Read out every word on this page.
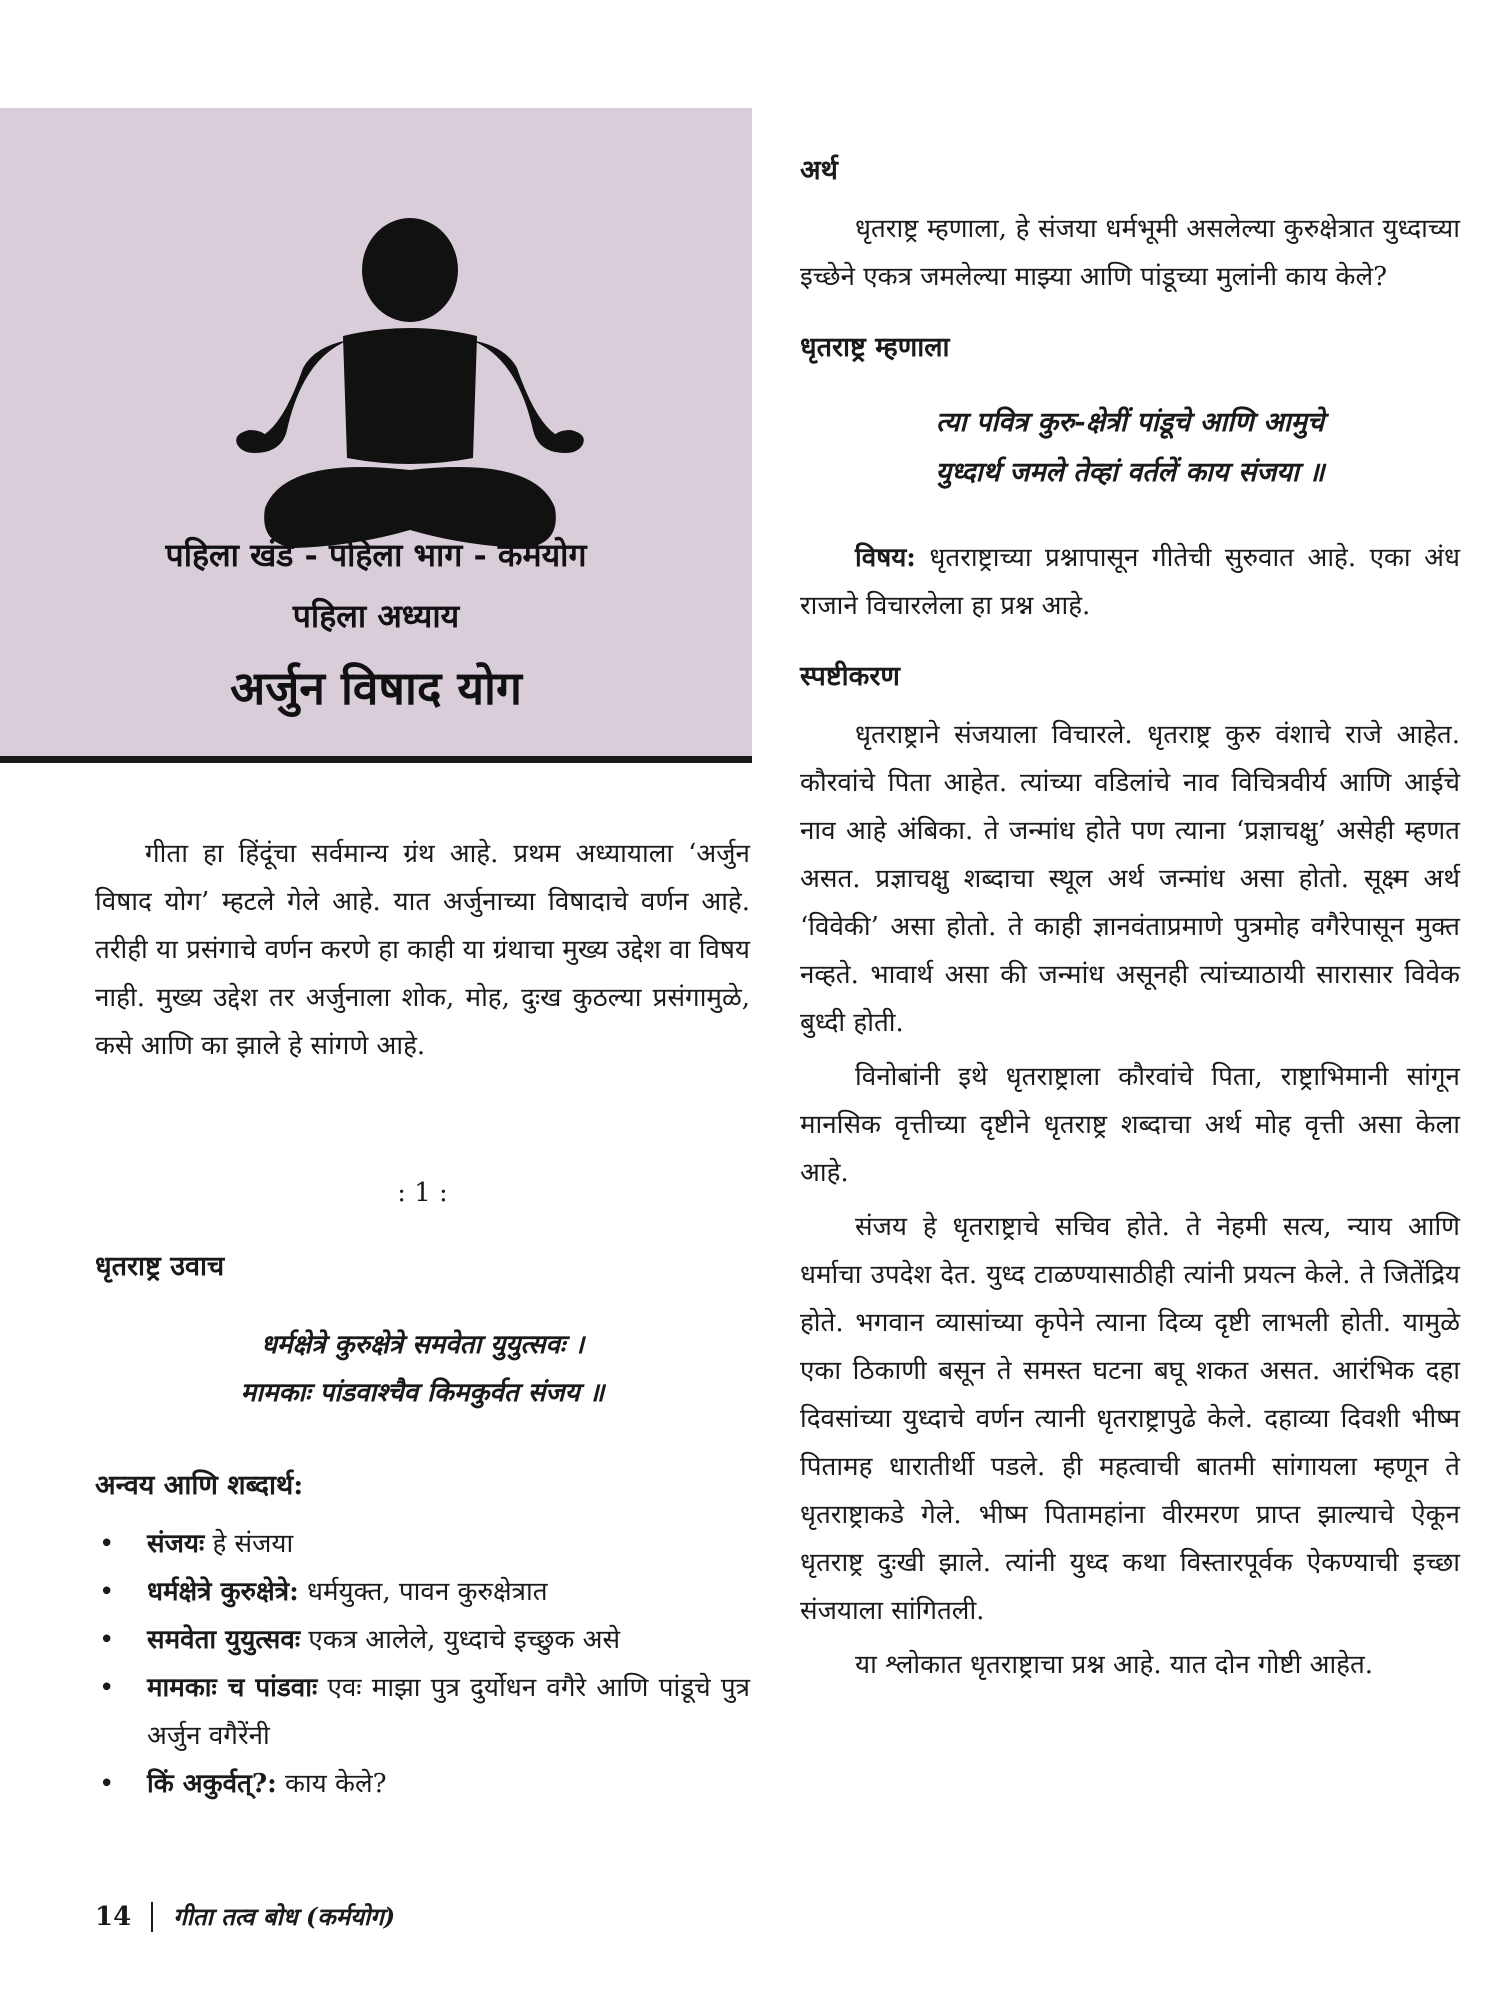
पहिला खंड - पहिला भाग - कर्मयोग
पहिला अध्याय
अर्जुन विषाद योग

गीता हा हिंदूंचा सर्वमान्य ग्रंथ आहे. प्रथम अध्यायाला ‘अर्जुन विषाद योग’ म्हटले गेले आहे. यात अर्जुनाच्या विषादाचे वर्णन आहे. तरीही या प्रसंगाचे वर्णन करणे हा काही या ग्रंथाचा मुख्य उद्देश वा विषय नाही. मुख्य उद्देश तर अर्जुनाला शोक, मोह, दुःख कुठल्या प्रसंगामुळे, कसे आणि का झाले हे सांगणे आहे.

: 1 :
धृतराष्ट्र उवाच
धर्मक्षेत्रे कुरुक्षेत्रे समवेता युयुत्सवः ।
मामकाः पांडवाश्चैव किमकुर्वत संजय ॥
अन्वय आणि शब्दार्थ:
• संजयः हे संजया
• धर्मक्षेत्रे कुरुक्षेत्रे: धर्मयुक्त, पावन कुरुक्षेत्रात
• समवेता युयुत्सवः एकत्र आलेले, युध्दाचे इच्छुक असे
• मामकाः च पांडवाः एवः माझा पुत्र दुर्योधन वगैरे आणि पांडूचे पुत्र अर्जुन वगैरेंनी
• किं अकुर्वत्?: काय केले?
14 गीता तत्व बोध (कर्मयोग)
अर्थ

धृतराष्ट्र म्हणाला, हे संजया धर्मभूमी असलेल्या कुरुक्षेत्रात युध्दाच्या इच्छेने एकत्र जमलेल्या माझ्या आणि पांडूच्या मुलांनी काय केले?

धृतराष्ट्र म्हणाला

त्या पवित्र कुरु-क्षेत्रीं पांडूचे आणि आमुचे

युध्दार्थ जमले तेव्हां वर्तलें काय संजया ॥

विषय: धृतराष्ट्राच्या प्रश्नापासून गीतेची सुरुवात आहे. एका अंध राजाने विचारलेला हा प्रश्न आहे.

स्पष्टीकरण

धृतराष्ट्राने संजयाला विचारले. धृतराष्ट्र कुरु वंशाचे राजे आहेत. कौरवांचे पिता आहेत. त्यांच्या वडिलांचे नाव विचित्रवीर्य आणि आईचे नाव आहे अंबिका. ते जन्मांध होते पण त्याना ‘प्रज्ञाचक्षु’ असेही म्हणत असत. प्रज्ञाचक्षु शब्दाचा स्थूल अर्थ जन्मांध असा होतो. सूक्ष्म अर्थ ‘विवेकी’ असा होतो. ते काही ज्ञानवंताप्रमाणे पुत्रमोह वगैरेपासून मुक्त नव्हते. भावार्थ असा की जन्मांध असूनही त्यांच्याठायी सारासार विवेक बुध्दी होती.

विनोबांनी इथे धृतराष्ट्राला कौरवांचे पिता, राष्ट्राभिमानी सांगून मानसिक वृत्तीच्या दृष्टीने धृतराष्ट्र शब्दाचा अर्थ मोह वृत्ती असा केला आहे.

संजय हे धृतराष्ट्राचे सचिव होते. ते नेहमी सत्य, न्याय आणि धर्माचा उपदेश देत. युध्द टाळण्यासाठीही त्यांनी प्रयत्न केले. ते जितेंद्रिय होते. भगवान व्यासांच्या कृपेने त्याना दिव्य दृष्टी लाभली होती. यामुळे एका ठिकाणी बसून ते समस्त घटना बघू शकत असत. आरंभिक दहा दिवसांच्या युध्दाचे वर्णन त्यानी धृतराष्ट्रापुढे केले. दहाव्या दिवशी भीष्म पितामह धारातीर्थी पडले. ही महत्वाची बातमी सांगायला म्हणून ते धृतराष्ट्राकडे गेले. भीष्म पितामहांना वीरमरण प्राप्त झाल्याचे ऐकून धृतराष्ट्र दुःखी झाले. त्यांनी युध्द कथा विस्तारपूर्वक ऐकण्याची इच्छा संजयाला सांगितली.

या श्लोकात धृतराष्ट्राचा प्रश्न आहे. यात दोन गोष्टी आहेत.
